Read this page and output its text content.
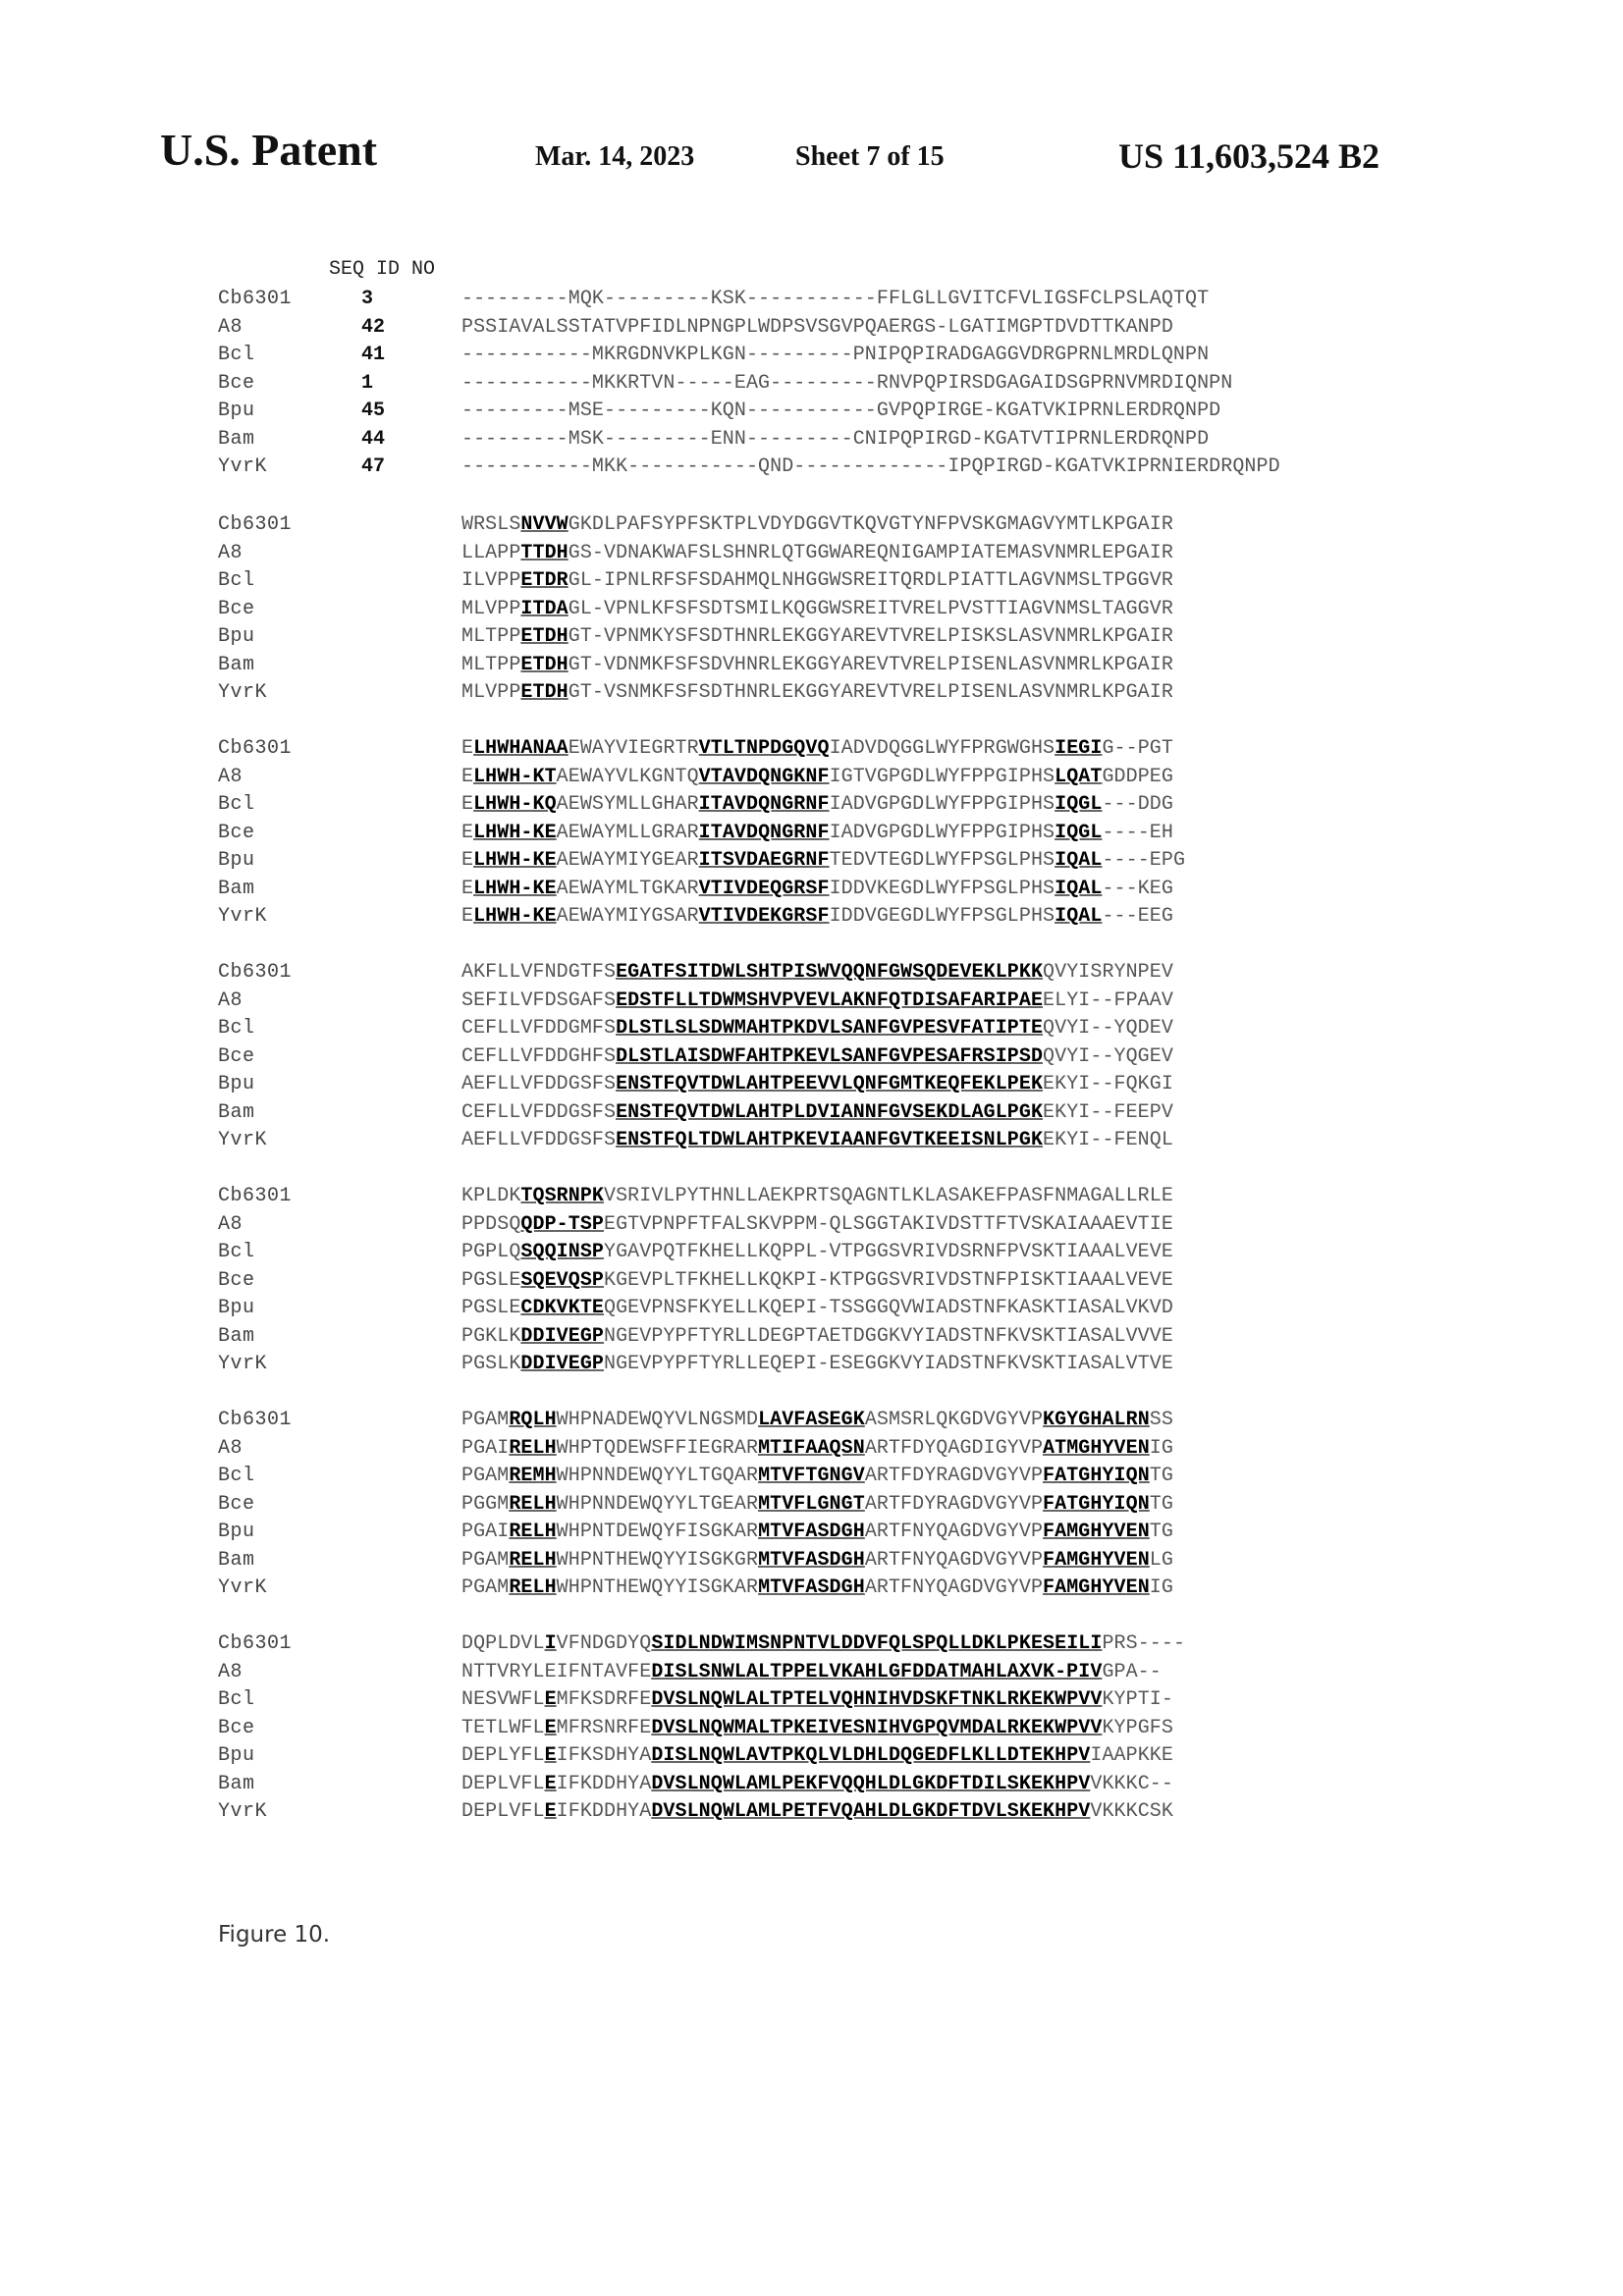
U.S. Patent	Mar. 14, 2023	Sheet 7 of 15	US 11,603,524 B2
SEQ ID NO
Cb6301	3	---------MQK---------KSK-----------FFLGLLGVITCFVLIGSFCLPSLAQTQT
A8	42	PSSIAVALSSTATVPFIDLNPNGPLWDPSVSGVPQAERGS-LGATIMGPTDVDTTKANPD
Bcl	41	-----------MKRGDNVKPLKGN---------PNIPQPIRADGAGGVDRGPRNLMRDLQNPN
Bce	1	-----------MKKRTVN-----EAG---------RNVPQPIRSDGAGAIDSGPRNVMRDIQNPN
Bpu	45	---------MSE---------KQN-----------GVPQPIRGE-KGATVKIPRNLERDRQNPD
Bam	44	---------MSK---------ENN---------CNIPQPIRGD-KGATVTIPRNLERDRQNPD
YvrK	47	-----------MKK-----------QND-------------IPQPIRGD-KGATVKIPRNIERDRQNPD
Cb6301	WRSLSNVVWGKDLPAFSYPFSKTPLVDYDGGVTKQVGTYNFPVSKGMAGVYMTLKPGAIR
A8	LLAPPTTDHGS-VDNAKWAFSLSHNRLQTGGWAREQNIGAMPIATEMASVNMRLEPGAIR
Bcl	ILVPPETDRGL-IPNLRFSFSDAHMQLNHGGWSREITQRDLPIATTLAGVNMSLTPGGVR
Bce	MLVPPITDAGL-VPNLKFSFSDTSMILKQGGWSREITVRELPVSTTIAGVNMSLTAGGVR
Bpu	MLTPPETDHGT-VPNMKYSFSDTHNRLEKGGYAREVTVRELPISKSLASVNMRLKPGAIR
Bam	MLTPPETDHGT-VDNMKFSFSDVHNRLEKGGYAREVTVRELPISENLASVNMRLKPGAIR
YvrK	MLVPPETDHGT-VSNMKFSFSDTHNRLEKGGYAREVTVRELPISENLASVNMRLKPGAIR
Cb6301	ELHWHANAAEWAYVIEGRTRVTLTNPDGQVQIADVDQGGLWYFPRGWGHSIEGIG--PGT
A8	ELHWH-KTAEWAYVLKGNTQVTAVDQNGKNFIGTVGPGDLWYFPPGIPHSLQATGDDPEG
Bcl	ELHWH-KQAEWSYMLLGHARITAVDQNGRNFIADVGPGDLWYFPPGIPHSIQGL---DDG
Bce	ELHWH-KEAEWAYMLLGRARITAVDQNGRNFIADVGPGDLWYFPPGIPHSIQGL----EH
Bpu	ELHWH-KEAEWAYMIYGEARITSVDAEGRNFTEDVTEGDLWYFPSGLPHSIQAL----EPG
Bam	ELHWH-KEAEWAYMLTGKARVTIVDEQGRSFIDDVKEGDLWYFPSGLPHSIQAL---KEG
YvrK	ELHWH-KEAEWAYMIYGSARVTIVDEKGRSFIDDVGEGDLWYFPSGLPHSIQAL---EEG
Cb6301	AKFLLVFNDGTFSEGATFSITDWLSHTPISWVQQNFGWSQDEVEKLPKKQVYISRYNPEV
A8	SEFILVFDSGAFSEDSTFLLTDWMSHVPVEVLAKNFQTDISAFARIPAEELYI--FPAAV
Bcl	CEFLLVFDDGMFSDLSTLSLSDWMAHTPKDVLSANFGVPESVFATIPTEQVYI--YQDEV
Bce	CEFLLVFDDGHFSDLSTLAISDWFAHTPKEVLSANFGVPESAFRSIPSDQVYI--YQGEV
Bpu	AEFLLVFDDGSFSENSTFQVTDWLAHTPEEVVLQNFGMTKEQFEKLPEKEKYI--FQKGI
Bam	CEFLLVFDDGSFSENSTFQVTDWLAHTPLDVIANNFGVSEKDLAGLPGKEKYI--FEEPV
YvrK	AEFLLVFDDGSFSENSTFQLTDWLAHTPKEVIAANFGVTKEEISNLPGKEKYI--FENQL
Cb6301	KPLDKTQSRNPKVSRIVLPYTHNLLAEKPRTSQAGNTLKLASAKEFPASFNMAGALLRLE
A8	PPDSQQDP-TSPEGTVPNPFTFALSKVPPM-QLSGGTAKIVDSTTFTVSKAIAAAEVTIE
Bcl	PGPLQSQQINSPYGAVPQTFKHELLKQPPL-VTPGGSVRIVDSRNFPVSKTIAAALVEVE
Bce	PGSLESQEVQSPKGEVPLTFKHELLKQKPI-KTPGGSVRIVDSTNFPISKTIAAALVEVE
Bpu	PGSLECDKVKTEQGEVPNSFKYELLKQEPI-TSSGGQVWIADSTNFKASKTIASALVKVD
Bam	PGKLKDDIVEGPNGEVPYPFTYRLLDEGPTAETDGGKVYIADSTNFKVSKTIASALVVVE
YvrK	PGSLKDDIVEGPNGEVPYPFTYRLLEQEPI-ESEGGKVYIADSTNFKVSKTIASALVTVE
Cb6301	PGAMRQLHWHPNADEWQYVLNGSMDLAVFASEGKASMSRLQKGDVGYVPKGYGHALRNSS
A8	PGAIRELHWHPTQDEWSFFIEGRARMTIFAAQSNARTFDYQAGDIGYVPATMGHYVENIG
Bcl	PGAMREMHWHPNNDEWQYYLTGQARMTVFTGNGVARTFDYRAGDVGYVPFATGHYIQNTG
Bce	PGGMRELHWHPNNDEWQYYLTGEARMTVFLGNGTARTFDYRAGDVGYVPFATGHYIQNTG
Bpu	PGAIRELHWHPNTDEWQYFISGKARMTVFASDGHARTFNYQAGDVGYVPFAMGHYVENTG
Bam	PGAMRELHWHPNTHEWQYYISGKGRMTVFASDGHARTFNYQAGDVGYVPFAMGHYVENLG
YvrK	PGAMRELHWHPNTHEWQYYISGKARMTVFASDGHARTFNYQAGDVGYVPFAMGHYVENIG
Cb6301	DQPLDVLIVFNDGDYQSIDLNDWIMSNPNTVLDDVFQLSPQLLDKLPKESEILIPRS----
A8	NTTVRYLEIFNTAVFEDISLSNWLALTPPELVKAHLGFDDATMAHLAXVK-PIVGPA--
Bcl	NESVWFLEMFKSDRFEDVSLNQWLALTPTELVQHNIHVDSKFTNKLRKEKWPVVKYPTI-
Bce	TETLWFLEMFRSNRFEDVSLNQWMALTPKEIVESNIHVGPQVMDALRKEKWPVVKYPGFS
Bpu	DEPLYFLEIFKSDHYADISLNQWLAVTPKQLVLDHLDQGEDFLKLLDTEKHPVIAAPKKE
Bam	DEPLVFLEIFKDDHYADVSLNQWLAMLPEKFVQQHLDLGKDFTDILSKEKHPVVKKKC--
YvrK	DEPLVFLEIFKDDHYADVSLNQWLAMLPETFVQAHLDLGKDFTDVLSKEKHPVVKKKCSK
Figure 10.
